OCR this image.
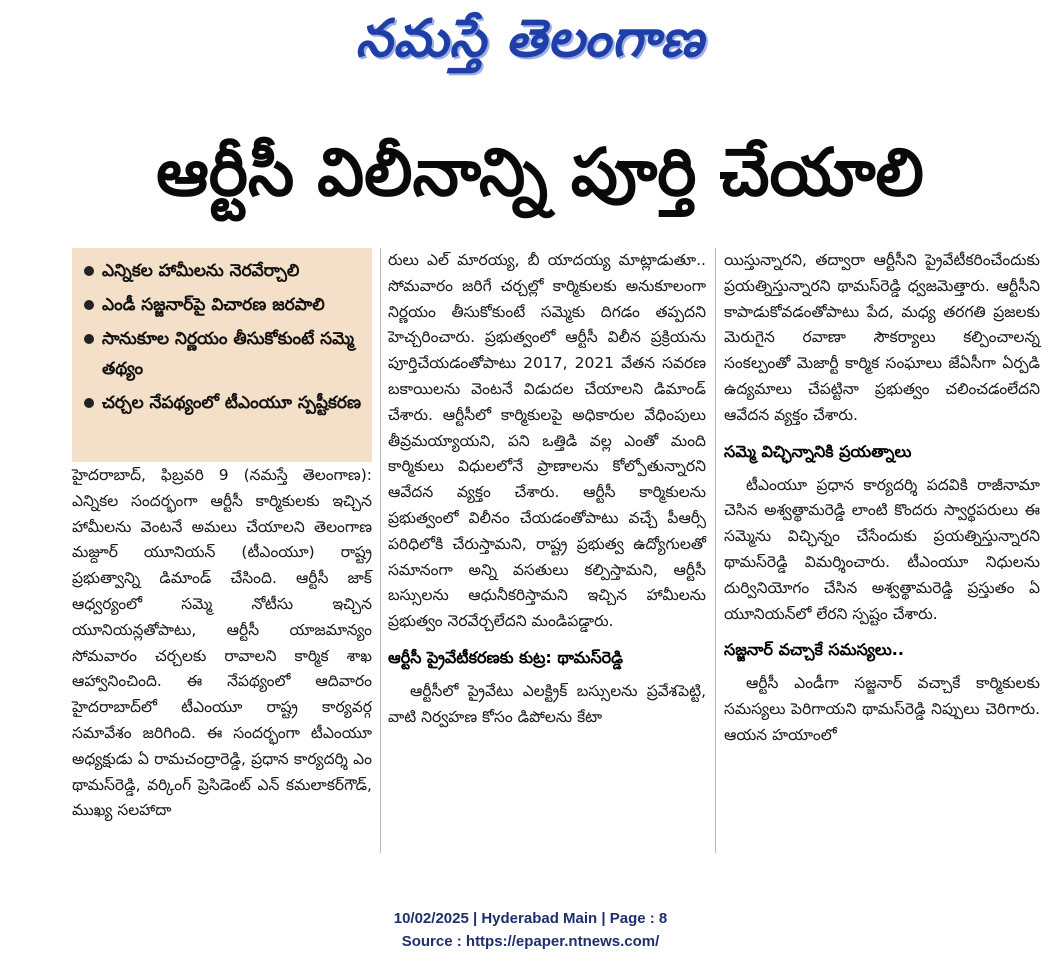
నమస్తే తెలంగాణ
ఆర్టీసీ విలీనాన్ని పూర్తి చేయాలి
ఎన్నికల హామీలను నెరవేర్చాలి
ఎండీ సజ్జనార్‌పై విచారణ జరపాలి
సానుకూల నిర్ణయం తీసుకోకుంటే సమ్మె తథ్యం
చర్చల నేపథ్యంలో టీఎంయూ స్పష్టీకరణ

హైదరాబాద్, ఫిబ్రవరి 9 (నమస్తే తెలంగాణ): ఎన్నికల సందర్భంగా ఆర్టీసీ కార్మికులకు ఇచ్చిన హామీలను వెంటనే అమలు చేయాలని తెలంగాణ మజ్దూర్ యూనియన్ (టీఎంయూ) రాష్ట్ర ప్రభుత్వాన్ని డిమాండ్ చేసింది. ఆర్టీసీ జాక్ ఆధ్వర్యంలో సమ్మె నోటీసు ఇచ్చిన యూనియన్లతోపాటు, ఆర్టీసీ యాజమాన్యం సోమవారం చర్చలకు రావాలని కార్మిక శాఖ ఆహ్వానించింది. ఈ నేపథ్యంలో ఆదివారం హైదరాబాద్‌లో టీఎంయూ రాష్ట్ర కార్యవర్గ సమావేశం జరిగింది. ఈ సందర్భంగా టీఎంయూ అధ్యక్షుడు ఏ రామచంద్రారెడ్డి, ప్రధాన కార్యదర్శి ఎం థామస్‌రెడ్డి, వర్కింగ్ ప్రెసిడెంట్ ఎన్ కమలాకర్‌గౌడ్, ముఖ్య సలహాదా

రులు ఎల్ మారయ్య, బీ యాదయ్య మాట్లాడుతూ.. సోమవారం జరిగే చర్చల్లో కార్మికులకు అనుకూలంగా నిర్ణయం తీసుకోకుంటే సమ్మెకు దిగడం తప్పదని హెచ్చరించారు. ప్రభుత్వంలో ఆర్టీసీ విలీన ప్రక్రియను పూర్తిచేయడంతోపాటు 2017, 2021 వేతన సవరణ బకాయిలను వెంటనే విడుదల చేయాలని డిమాండ్ చేశారు. ఆర్టీసీలో కార్మికులపై అధికారుల వేధింపులు తీవ్రమయ్యాయని, పని ఒత్తిడి వల్ల ఎంతో మంది కార్మికులు విధులలోనే ప్రాణాలను కోల్పోతున్నారని ఆవేదన వ్యక్తం చేశారు. ఆర్టీసీ కార్మికులను ప్రభుత్వంలో విలీనం చేయడంతోపాటు వచ్చే పీఆర్సీ పరిధిలోకి చేరుస్తామని, రాష్ట్ర ప్రభుత్వ ఉద్యోగులతో సమానంగా అన్ని వసతులు కల్పిస్తామని, ఆర్టీసీ బస్సులను ఆధునీకరిస్తామని ఇచ్చిన హామీలను ప్రభుత్వం నెరవేర్చలేదని మండిపడ్డారు.

ఆర్టీసీ ప్రైవేటీకరణకు కుట్ర: థామస్‌రెడ్డి

ఆర్టీసీలో ప్రైవేటు ఎలక్ట్రిక్ బస్సులను ప్రవేశపెట్టి, వాటి నిర్వహణ కోసం డిపోలను కేటా

యిస్తున్నారని, తద్వారా ఆర్టీసీని ప్రైవేటీకరించేందుకు ప్రయత్నిస్తున్నారని థామస్‌రెడ్డి ధ్వజమెత్తారు. ఆర్టీసీని కాపాడుకోవడంతోపాటు పేద, మధ్య తరగతి ప్రజలకు మెరుగైన రవాణా సౌకర్యాలు కల్పించాలన్న సంకల్పంతో మెజార్టీ కార్మిక సంఘాలు జేఏసీగా ఏర్పడి ఉద్యమాలు చేపట్టినా ప్రభుత్వం చలించడంలేదని ఆవేదన వ్యక్తం చేశారు.

సమ్మె విచ్ఛిన్నానికి ప్రయత్నాలు

టీఎంయూ ప్రధాన కార్యదర్శి పదవికి రాజీనామా చెసిన అశ్వత్థామరెడ్డి లాంటి కొందరు స్వార్థపరులు ఈ సమ్మెను విచ్ఛిన్నం చేసేందుకు ప్రయత్నిస్తున్నారని థామస్‌రెడ్డి విమర్శించారు. టీఎంయూ నిధులను దుర్వినియోగం చేసిన అశ్వత్థామరెడ్డి ప్రస్తుతం ఏ యూనియన్‌లో లేరని స్పష్టం చేశారు.

సజ్జనార్ వచ్చాకే సమస్యలు..

ఆర్టీసీ ఎండీగా సజ్జనార్ వచ్చాకే కార్మికులకు సమస్యలు పెరిగాయని థామస్‌రెడ్డి నిప్పులు చెరిగారు. ఆయన హయాంలో

10/02/2025 | Hyderabad Main | Page : 8
Source : https://epaper.ntnews.com/
